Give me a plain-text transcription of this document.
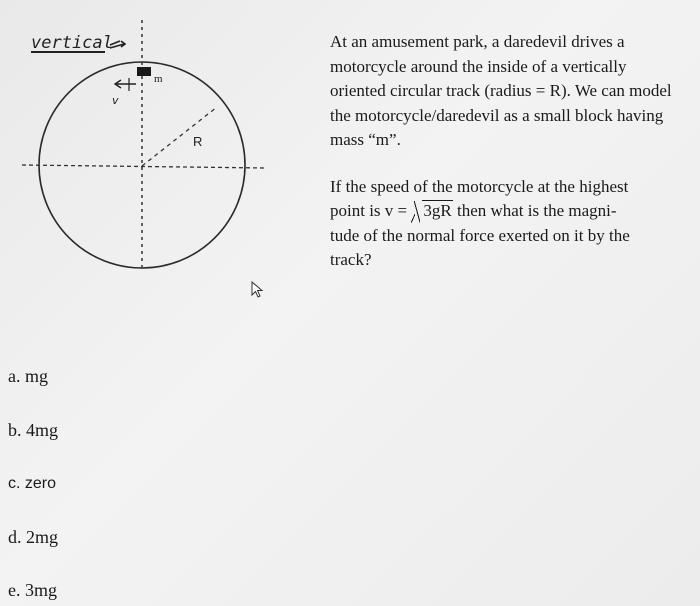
vertical
R
m
v

At an amusement park, a daredevil drives a motorcycle around the inside of a vertically oriented circular track (radius = R). We can model the motorcycle/daredevil as a small block having mass “m”.

If the speed of the motorcycle at the highest
point is v = 3gR then what is the magni-
tude of the normal force exerted on it by the
track?

a. mg
b. 4mg
c. zero
d. 2mg
e. 3mg
